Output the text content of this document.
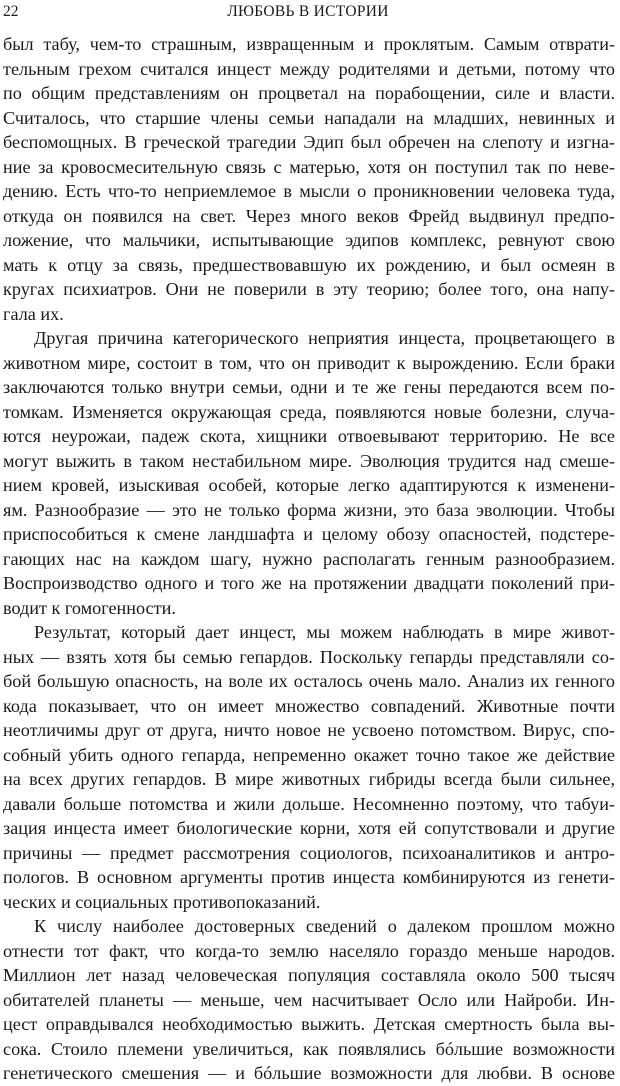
22	ЛЮБОВЬ В ИСТОРИИ
был табу, чем-то страшным, извращенным и проклятым. Самым отврати-
тельным грехом считался инцест между родителями и детьми, потому что
по общим представлениям он процветал на порабощении, силе и власти.
Считалось, что старшие члены семьи нападали на младших, невинных и
беспомощных. В греческой трагедии Эдип был обречен на слепоту и изгна-
ние за кровосмесительную связь с матерью, хотя он поступил так по неве-
дению. Есть что-то неприемлемое в мысли о проникновении человека туда,
откуда он появился на свет. Через много веков Фрейд выдвинул предпо-
ложение, что мальчики, испытывающие эдипов комплекс, ревнуют свою
мать к отцу за связь, предшествовавшую их рождению, и был осмеян в
кругах психиатров. Они не поверили в эту теорию; более того, она напу-
гала их.
Другая причина категорического неприятия инцеста, процветающего в
животном мире, состоит в том, что он приводит к вырождению. Если браки
заключаются только внутри семьи, одни и те же гены передаются всем по-
томкам. Изменяется окружающая среда, появляются новые болезни, случа-
ются неурожаи, падеж скота, хищники отвоевывают территорию. Не все
могут выжить в таком нестабильном мире. Эволюция трудится над смеше-
нием кровей, изыскивая особей, которые легко адаптируются к изменени-
ям. Разнообразие — это не только форма жизни, это база эволюции. Чтобы
приспособиться к смене ландшафта и целому обозу опасностей, подстере-
гающих нас на каждом шагу, нужно располагать генным разнообразием.
Воспроизводство одного и того же на протяжении двадцати поколений при-
водит к гомогенности.
Результат, который дает инцест, мы можем наблюдать в мире живот-
ных — взять хотя бы семью гепардов. Поскольку гепарды представляли со-
бой большую опасность, на воле их осталось очень мало. Анализ их генного
кода показывает, что он имеет множество совпадений. Животные почти
неотличимы друг от друга, ничто новое не усвоено потомством. Вирус, спо-
собный убить одного гепарда, непременно окажет точно такое же действие
на всех других гепардов. В мире животных гибриды всегда были сильнее,
давали больше потомства и жили дольше. Несомненно поэтому, что табуи-
зация инцеста имеет биологические корни, хотя ей сопутствовали и другие
причины — предмет рассмотрения социологов, психоаналитиков и антро-
пологов. В основном аргументы против инцеста комбинируются из генети-
ческих и социальных противопоказаний.
К числу наиболее достоверных сведений о далеком прошлом можно
отнести тот факт, что когда-то землю населяло гораздо меньше народов.
Миллион лет назад человеческая популяция составляла около 500 тысяч
обитателей планеты — меньше, чем насчитывает Осло или Найроби. Ин-
цест оправдывался необходимостью выжить. Детская смертность была вы-
сока. Стоило племени увеличиться, как появлялись бóльшие возможности
генетического смешения — и бóльшие возможности для любви. В основе
